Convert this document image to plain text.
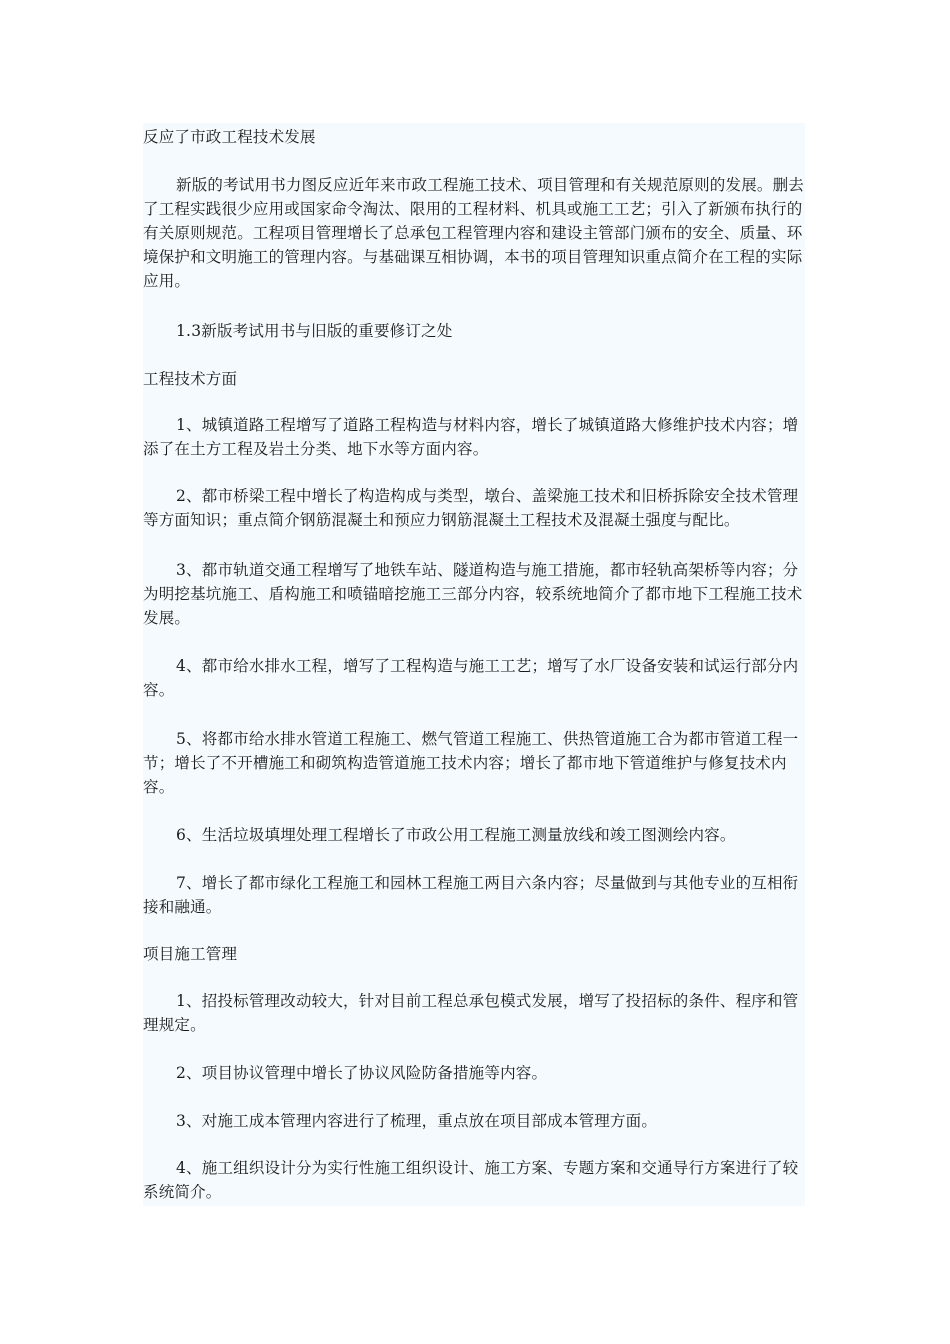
反应了市政工程技术发展

新版的考试用书力图反应近年来市政工程施工技术、项目管理和有关规范原则的发展。删去了工程实践很少应用或国家命令淘汰、限用的工程材料、机具或施工工艺；引入了新颁布执行的有关原则规范。工程项目管理增长了总承包工程管理内容和建设主管部门颁布的安全、质量、环境保护和文明施工的管理内容。与基础课互相协调，本书的项目管理知识重点简介在工程的实际应用。

1.3新版考试用书与旧版的重要修订之处

工程技术方面

1、城镇道路工程增写了道路工程构造与材料内容，增长了城镇道路大修维护技术内容；增添了在土方工程及岩土分类、地下水等方面内容。

2、都市桥梁工程中增长了构造构成与类型，墩台、盖梁施工技术和旧桥拆除安全技术管理等方面知识；重点简介钢筋混凝土和预应力钢筋混凝土工程技术及混凝土强度与配比。

3、都市轨道交通工程增写了地铁车站、隧道构造与施工措施，都市轻轨高架桥等内容；分为明挖基坑施工、盾构施工和喷锚暗挖施工三部分内容，较系统地简介了都市地下工程施工技术发展。

4、都市给水排水工程，增写了工程构造与施工工艺；增写了水厂设备安装和试运行部分内容。

5、将都市给水排水管道工程施工、燃气管道工程施工、供热管道施工合为都市管道工程一节；增长了不开槽施工和砌筑构造管道施工技术内容；增长了都市地下管道维护与修复技术内容。

6、生活垃圾填埋处理工程增长了市政公用工程施工测量放线和竣工图测绘内容。

7、增长了都市绿化工程施工和园林工程施工两目六条内容；尽量做到与其他专业的互相衔接和融通。

项目施工管理

1、招投标管理改动较大，针对目前工程总承包模式发展，增写了投招标的条件、程序和管理规定。

2、项目协议管理中增长了协议风险防备措施等内容。

3、对施工成本管理内容进行了梳理，重点放在项目部成本管理方面。

4、施工组织设计分为实行性施工组织设计、施工方案、专题方案和交通导行方案进行了较系统简介。
